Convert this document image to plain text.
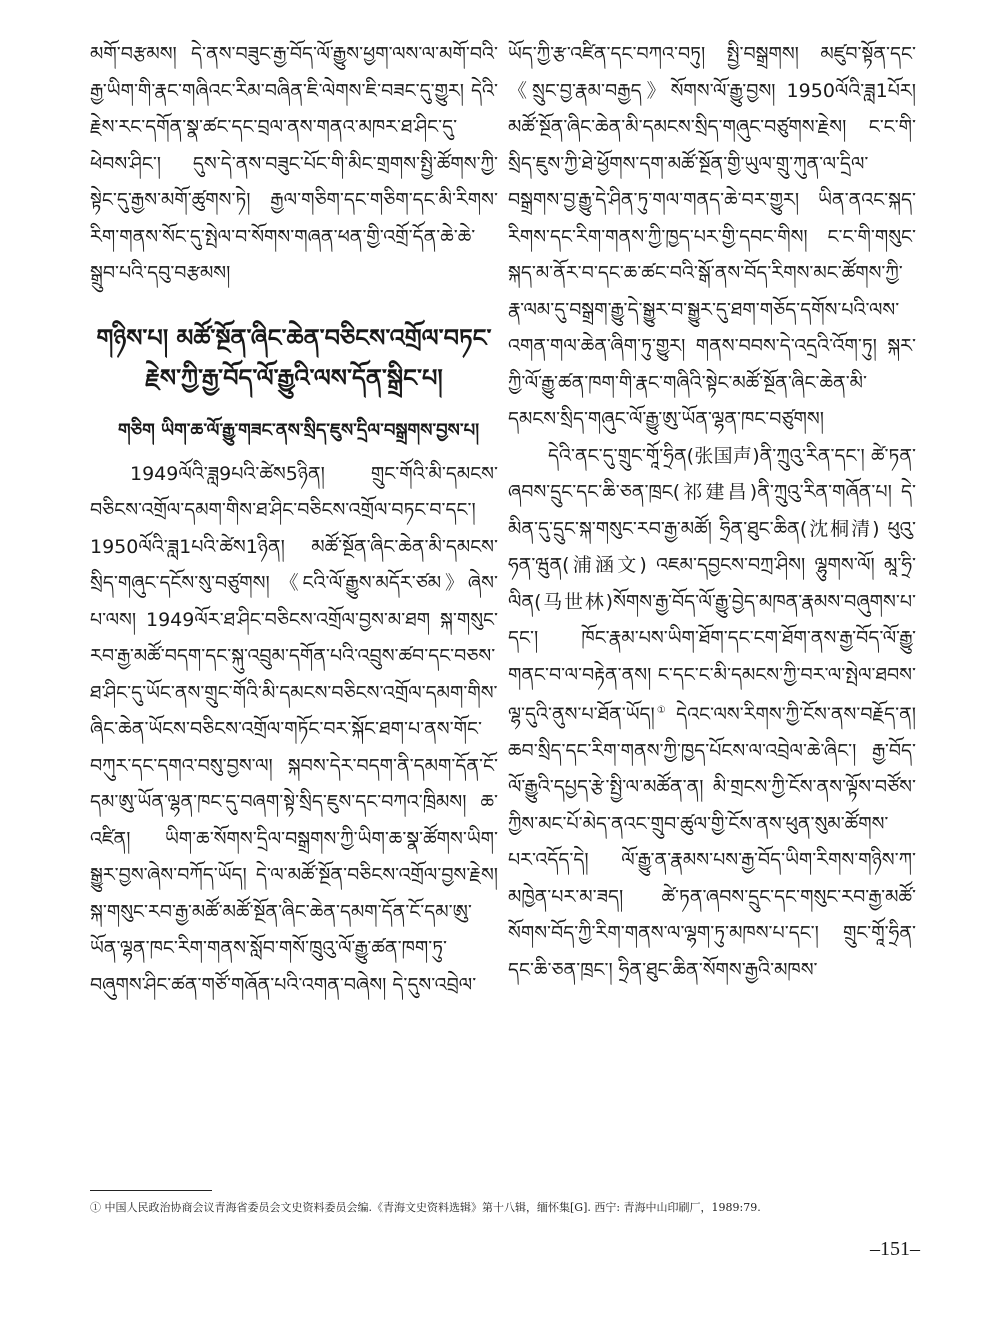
མགོ་བརྩམས། དེ་ནས་བཟུང་རྒྱ་བོད་ལོ་རྒྱུས་ཕྱག་ལས་ལ་མགོ་བའི་རྒྱ་ཡིག་གི་རྣང་གཞིའང་རིམ་བཞིན་ཇི་ལེགས་ཇི་བཟང་དུ་གྱུར། དེའི་རྗེས་རང་དགོན་སྣ་ཚང་དང་བྲལ་ནས་གནའ་མཁར་ཐ་ཤིང་དུ་ཕེབས་ཤིང་། དུས་དེ་ནས་བཟུང་པོང་གི་མིང་གྲགས་སྤྱི་ཚོགས་ཀྱི་སྟེང་དུ་རྒྱས་མགོ་ཚུགས་ཏེ། རྒྱལ་གཅིག་དང་གཅིག་དང་མི་རིགས་རིག་གནས་སོང་དུ་སྤེལ་བ་སོགས་གཞན་ཕན་གྱི་འགྲོ་དོན་ཆེ་ཆེ་སྒྲུབ་པའི་དབུ་བརྩམས།

གཉིས་པ། མཚོ་སྔོན་ཞིང་ཆེན་བཅིངས་འགྲོལ་བཏང་རྗེས་ཀྱི་རྒྱ་བོད་ལོ་རྒྱུའི་ལས་དོན་སྒྲིང་པ།
གཅིག ཡིག་ཆ་ལོ་རྒྱུ་གཟང་ནས་སྲིད་ཇུས་དྲིལ་བསྒྲགས་བྱས་པ།

1949ལོའི་ཟླ9པའི་ཚེས5ཉིན། གྲུང་གོའི་མི་དམངས་བཅིངས་འགྲོལ་དམག་གིས་ཐ་ཤིང་བཅིངས་འགྲོལ་བཏང་བ་དང་། 1950ལོའི་ཟླ1པའི་ཚེས1ཉིན། མཚོ་སྔོན་ཞིང་ཆེན་མི་དམངས་སྲིད་གཞུང་དངོས་སུ་བཙུགས། 《ངའི་ལོ་རྒྱུས་མདོར་ཙམ》ཞེས་པ་ལས། 1949ལོར་ཐ་ཤིང་བཅིངས་འགྲོལ་བྱས་མ་ཐག སྐ་གསུང་རབ་རྒྱ་མཚོ་བདག་དང་སྐུ་འབྲུམ་དགོན་པའི་འབྲུས་ཚབ་དང་བཅས་ཐ་ཤིང་དུ་ཡོང་ནས་གྲུང་གོའི་མི་དམངས་བཅིངས་འགྲོལ་དམག་གིས་ཞིང་ཆེན་ཡོངས་བཅིངས་འགྲོལ་གཏོང་བར་སྐོང་ཐག་པ་ནས་གོང་བཀུར་དང་དགའ་བསུ་བྱས་ལ། སྐབས་དེར་བདག་ནི་དམག་དོན་ངོ་དམ་ཨུ་ཡོན་ལྷན་ཁང་དུ་བཞག་སྟེ་སྲིད་ཇུས་དང་བཀའ་ཁྲིམས། ཆ་འཛིན། ཡིག་ཆ་སོགས་དྲིལ་བསྒྲགས་ཀྱི་ཡིག་ཆ་སྣ་ཚོགས་ཡིག་སྒྱུར་བྱས་ཞེས་བཀོད་ཡོད། དེ་ལ་མཚོ་སྔོན་བཅིངས་འགྲོལ་བྱས་རྗེས། སྐ་གསུང་རབ་རྒྱ་མཚོ་མཚོ་སྔོན་ཞིང་ཆེན་དམག་དོན་ངོ་དམ་ཨུ་ཡོན་ལྷན་ཁང་རིག་གནས་སློབ་གསོ་ཁྲུའུ་ལོ་རྒྱུ་ཚན་ཁག་ཏུ་བཞུགས་ཤིང་ཚན་གཙོ་གཞོན་པའི་འགན་བཞེས། དེ་དུས་འབྲེལ་

ཡོད་ཀྱི་རྩ་འཛིན་དང་བཀའ་བཏུ། སྤྱི་བསྒྲགས། མཛུབ་སྟོན་དང་《སྲུང་བྱ་རྣམ་བརྒྱད》སོགས་ལོ་རྒྱུ་བྱས། 1950ལོའི་ཟླ1པོར། མཚོ་སྔོན་ཞིང་ཆེན་མི་དམངས་སྲིད་གཞུང་བཙུགས་རྗེས། ང་ང་གི་སྲིད་ཇུས་ཀྱི་ཐེ་ཕྱོགས་དག་མཚོ་སྔོན་གྱི་ཡུལ་གྲུ་ཀུན་ལ་དྲིལ་བསྒྲགས་བྱ་རྒྱུ་དེ་ཤིན་ཏུ་གལ་གནད་ཆེ་བར་གྱུར། ཡིན་ནའང་སྐད་རིགས་དང་རིག་གནས་ཀྱི་ཁྱད་པར་གྱི་དབང་གིས། ང་ང་གི་གསུང་སྐད་མ་ནོར་བ་དང་ཆ་ཚང་བའི་སྒོ་ནས་བོད་རིགས་མང་ཚོགས་ཀྱི་རྣ་ལམ་དུ་བསྒྲག་རྒྱུ་དེ་སྒྱུར་བ་སྒྱུར་དུ་ཐག་གཅོད་དགོས་པའི་ལས་འགན་གལ་ཆེན་ཞིག་ཏུ་གྱུར། གནས་བབས་དེ་འདྲའི་འོག་ཏུ། སྐར་ཀྱི་ལོ་རྒྱུ་ཚན་ཁག་གི་རྣང་གཞིའི་སྟེང་མཚོ་སྔོན་ཞིང་ཆེན་མི་དམངས་སྲིད་གཞུང་ལོ་རྒྱུ་ཨུ་ཡོན་ལྷན་ཁང་བཙུགས།

དེའི་ནང་དུ་གྲུང་གཱོ་ཧྲིན(张国声)ནི་ཀྲུའུ་རིན་དང་། ཚེ་ཏན་ཞབས་དྲུང་དང་ཆི་ཅན་ཁྲང(祁建昌)ནི་ཀྲུའུ་རིན་གཞོན་པ། དེ་མིན་དུ་དྲུང་སྐ་གསུང་རབ་རྒྱ་མཚོ། ཧྲིན་ཐུང་ཆིན(沈桐清) ཕུའུ་ཧན་ཝུན(浦涵文) འཇམ་དབྱངས་བཀྲ་ཤིས། ལྷུགས་ལོ། མཱ་ཧྲི་ལིན(马世林)སོགས་རྒྱ་བོད་ལོ་རྒྱུ་བྱེད་མཁན་རྣམས་བཞུགས་པ་དང་། ཁོང་རྣམ་པས་ཡིག་ཐོག་དང་ངག་ཐོག་ནས་རྒྱ་བོད་ལོ་རྒྱུ་གནང་བ་ལ་བརྟེན་ནས། ང་དང་ང་མི་དམངས་ཀྱི་བར་ལ་སྤེལ་ཐབས་ལྷ་དུའི་ནུས་པ་ཐོན་ཡོད།① དེའང་ལས་རིགས་ཀྱི་ངོས་ནས་བརྗོད་ན། ཆབ་སྲིད་དང་རིག་གནས་ཀྱི་ཁྱད་པོངས་ལ་འབྲེལ་ཆེ་ཞིང་། རྒྱ་བོད་ལོ་རྒྱུའི་དཔྱད་རྩེ་སྤྱི་ལ་མཚོན་ན། མི་གྲངས་ཀྱི་ངོས་ནས་ལྟོས་བཙོས་ཀྱིས་མང་པོ་མེད་ནའང་གྲུབ་ཚུལ་གྱི་ངོས་ནས་ཕུན་སུམ་ཚོགས་པར་འདོད་དེ། ལོ་རྒྱུ་ན་རྣམས་པས་རྒྱ་བོད་ཡིག་རིགས་གཉིས་ཀ་མཁྱེན་པར་མ་ཟད། ཚེ་ཏན་ཞབས་དྲུང་དང་གསུང་རབ་རྒྱ་མཚོ་སོགས་བོད་ཀྱི་རིག་གནས་ལ་ལྷག་ཏུ་མཁས་པ་དང་། གྲུང་གཱོ་ཧྲིན་དང་ཆི་ཅན་ཁྲང་། ཧྲིན་ཐུང་ཆིན་སོགས་རྒྱའི་མཁས་

① 中国人民政治协商会议青海省委员会文史资料委员会编.《青海文史资料选辑》第十八辑，缅怀集[G]. 西宁: 青海中山印刷厂，1989:79.
–151–
